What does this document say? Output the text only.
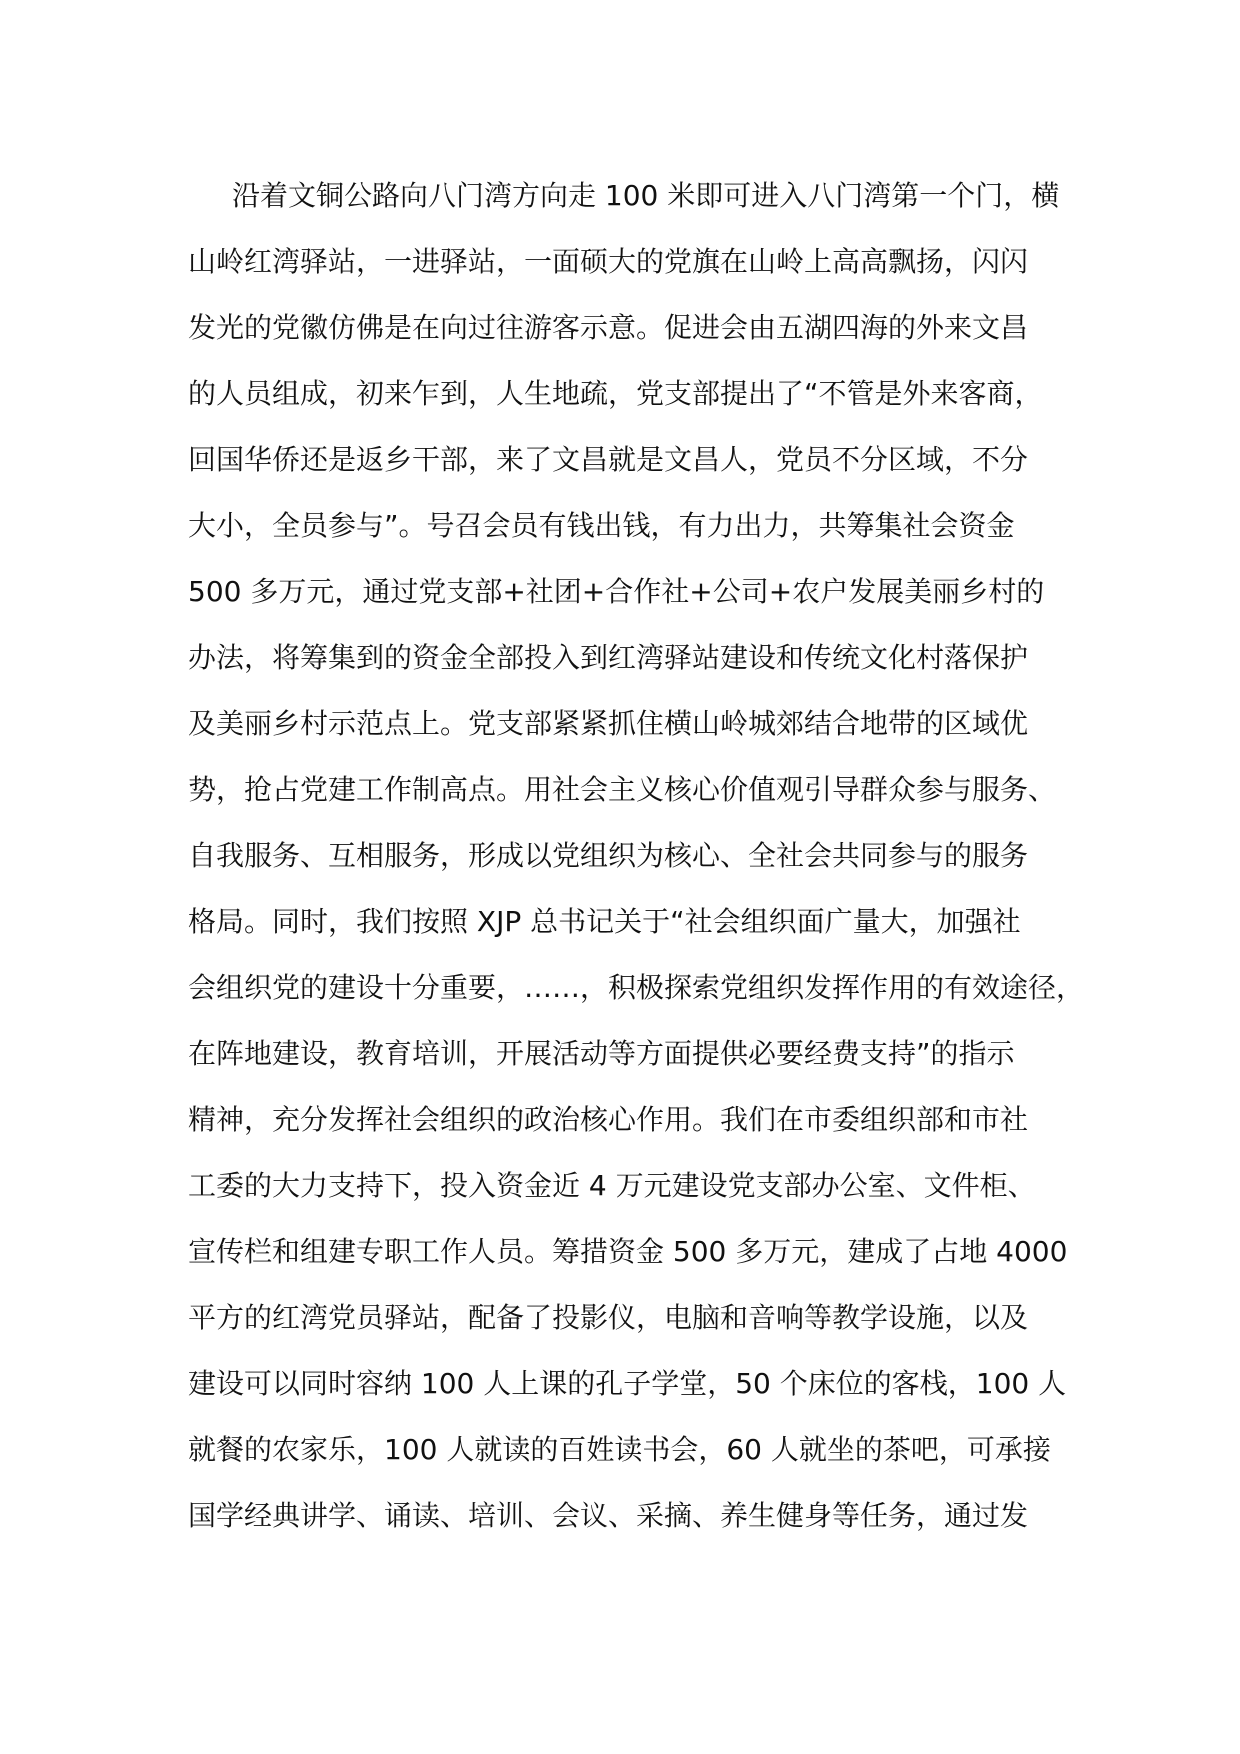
沿着文铜公路向八门湾方向走 100 米即可进入八门湾第一个门，横
山岭红湾驿站，一进驿站，一面硕大的党旗在山岭上高高飘扬，闪闪
发光的党徽仿佛是在向过往游客示意。促进会由五湖四海的外来文昌
的人员组成，初来乍到，人生地疏，党支部提出了“不管是外来客商，
回国华侨还是返乡干部，来了文昌就是文昌人，党员不分区域，不分
大小，全员参与”。号召会员有钱出钱，有力出力，共筹集社会资金
500 多万元，通过党支部+社团+合作社+公司+农户发展美丽乡村的
办法，将筹集到的资金全部投入到红湾驿站建设和传统文化村落保护
及美丽乡村示范点上。党支部紧紧抓住横山岭城郊结合地带的区域优
势，抢占党建工作制高点。用社会主义核心价值观引导群众参与服务、
自我服务、互相服务，形成以党组织为核心、全社会共同参与的服务
格局。同时，我们按照 XJP 总书记关于“社会组织面广量大，加强社
会组织党的建设十分重要，……，积极探索党组织发挥作用的有效途径，
在阵地建设，教育培训，开展活动等方面提供必要经费支持”的指示
精神，充分发挥社会组织的政治核心作用。我们在市委组织部和市社
工委的大力支持下，投入资金近 4 万元建设党支部办公室、文件柜、
宣传栏和组建专职工作人员。筹措资金 500 多万元，建成了占地 4000
平方的红湾党员驿站，配备了投影仪，电脑和音响等教学设施，以及
建设可以同时容纳 100 人上课的孔子学堂，50 个床位的客栈，100 人
就餐的农家乐，100 人就读的百姓读书会，60 人就坐的茶吧，可承接
国学经典讲学、诵读、培训、会议、采摘、养生健身等任务，通过发
